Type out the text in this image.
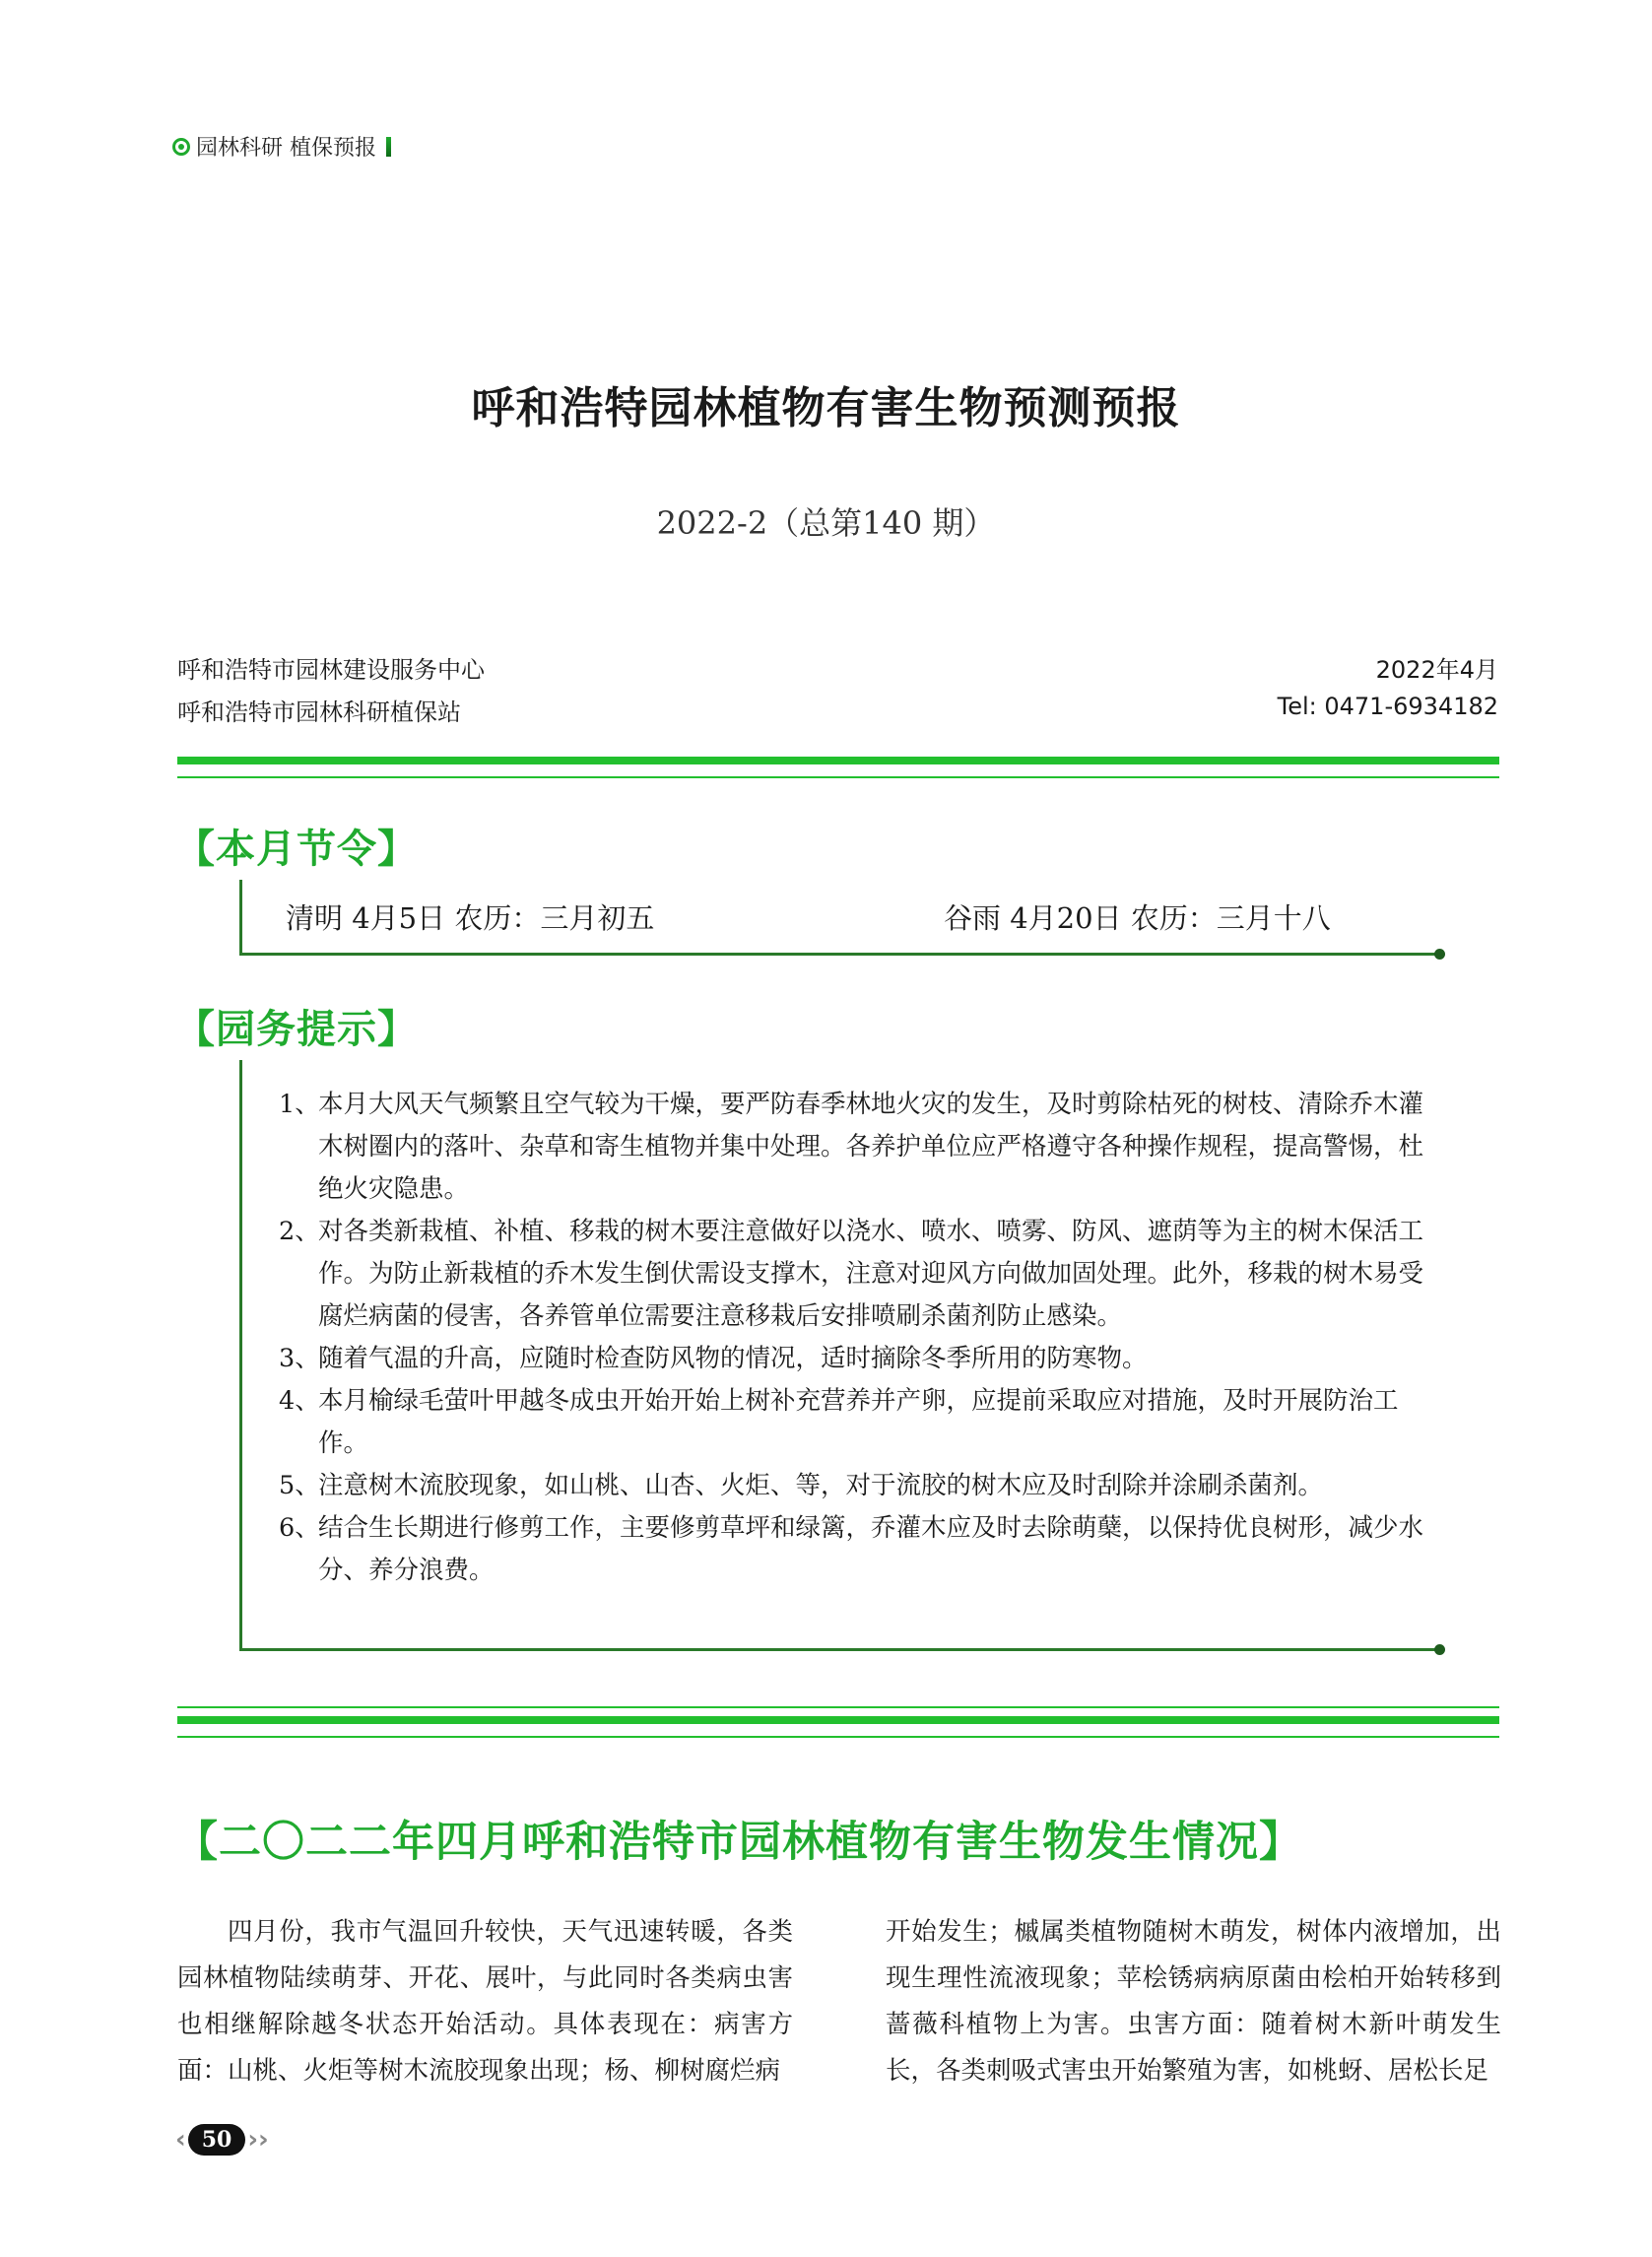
园林科研 植保预报
呼和浩特园林植物有害生物预测预报
2022-2（总第140 期）
呼和浩特市园林建设服务中心
呼和浩特市园林科研植保站
2022年4月
Tel: 0471-6934182
【本月节令】
清明 4月5日 农历：三月初五	谷雨 4月20日 农历：三月十八
【园务提示】

1、
本月大风天气频繁且空气较为干燥，要严防春季林地火灾的发生，及时剪除枯死的树枝、清除乔木灌木树圈内的落叶、杂草和寄生植物并集中处理。各养护单位应严格遵守各种操作规程，提高警惕，杜绝火灾隐患。

2、
对各类新栽植、补植、移栽的树木要注意做好以浇水、喷水、喷雾、防风、遮荫等为主的树木保活工作。为防止新栽植的乔木发生倒伏需设支撑木，注意对迎风方向做加固处理。此外，移栽的树木易受腐烂病菌的侵害，各养管单位需要注意移栽后安排喷刷杀菌剂防止感染。

3、
随着气温的升高，应随时检查防风物的情况，适时摘除冬季所用的防寒物。

4、
本月榆绿毛萤叶甲越冬成虫开始开始上树补充营养并产卵，应提前采取应对措施，及时开展防治工作。

5、
注意树木流胶现象，如山桃、山杏、火炬、等，对于流胶的树木应及时刮除并涂刷杀菌剂。

6、
结合生长期进行修剪工作，主要修剪草坪和绿篱，乔灌木应及时去除萌蘖，以保持优良树形，减少水分、养分浪费。

【二〇二二年四月呼和浩特市园林植物有害生物发生情况】

四月份，我市气温回升较快，天气迅速转暖，各类园林植物陆续萌芽、开花、展叶，与此同时各类病虫害也相继解除越冬状态开始活动。具体表现在：病害方面：山桃、火炬等树木流胶现象出现；杨、柳树腐烂病

开始发生；槭属类植物随树木萌发，树体内液增加，出现生理性流液现象；苹桧锈病病原菌由桧柏开始转移到蔷薇科植物上为害。虫害方面：随着树木新叶萌发生长，各类刺吸式害虫开始繁殖为害，如桃蚜、居松长足

‹ 50 ››
